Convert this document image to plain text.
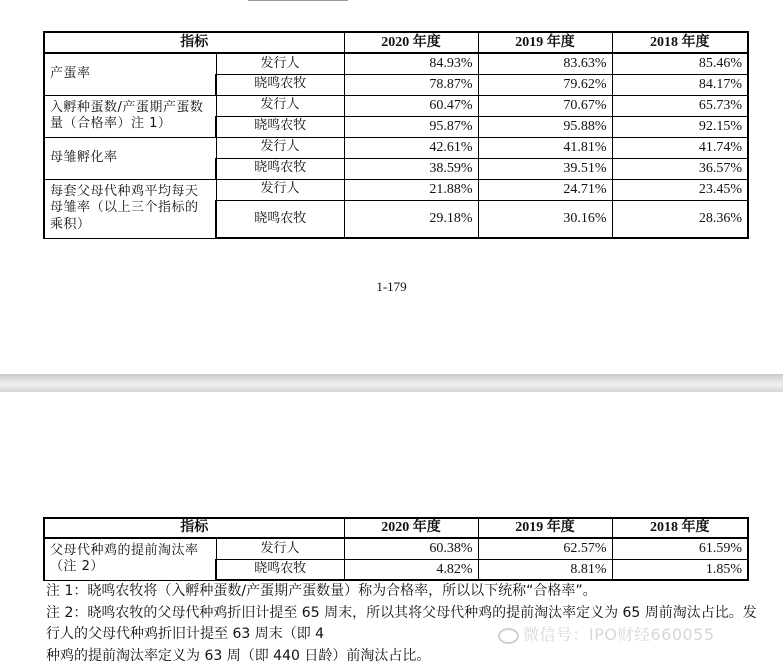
指标		2020 年度	2019 年度	2018 年度
产蛋率	发行人	84.93%	83.63%	85.46%
	晓鸣农牧	78.87%	79.62%	84.17%
入孵种蛋数/产蛋期产蛋数量（合格率）注 1）	发行人	60.47%	70.67%	65.73%
	晓鸣农牧	95.87%	95.88%	92.15%
母雏孵化率	发行人	42.61%	41.81%	41.74%
	晓鸣农牧	38.59%	39.51%	36.57%
每套父母代种鸡平均每天母雏率（以上三个指标的乘积）	发行人	21.88%	24.71%	23.45%
	晓鸣农牧	29.18%	30.16%	28.36%
1-179
指标		2020 年度	2019 年度	2018 年度
父母代种鸡的提前淘汰率（注 2）	发行人	60.38%	62.57%	61.59%
	晓鸣农牧	4.82%	8.81%	1.85%

注 1：晓鸣农牧将（入孵种蛋数/产蛋期产蛋数量）称为合格率，所以以下统称“合格率”。

注 2：晓鸣农牧的父母代种鸡折旧计提至 65 周末，所以其将父母代种鸡的提前淘汰率定义为 65 周前淘汰占比。发行人的父母代种鸡折旧计提至 63 周末（即 4

种鸡的提前淘汰率定义为 63 周（即 440 日龄）前淘汰占比。

微信号：IPO财经660055
